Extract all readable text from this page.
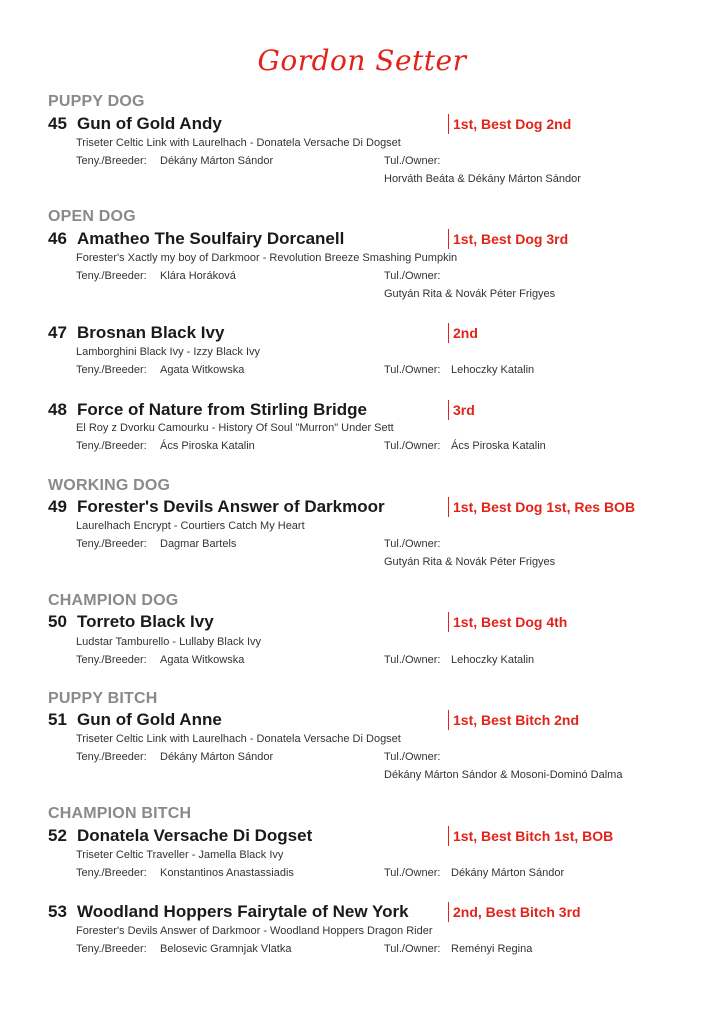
Gordon Setter
PUPPY DOG
45 Gun of Gold Andy	1st, Best Dog 2nd
Triseter Celtic Link with Laurelhach - Donatela Versache Di Dogset
Teny./Breeder: Dékány Márton Sándor	Tul./Owner:
Horváth Beáta & Dékány Márton Sándor
OPEN DOG
46 Amatheo The Soulfairy Dorcanell	1st, Best Dog 3rd
Forester's Xactly my boy of Darkmoor - Revolution Breeze Smashing Pumpkin
Teny./Breeder: Klára Horáková	Tul./Owner:
Gutyán Rita & Novák Péter Frigyes
47 Brosnan Black Ivy	2nd
Lamborghini Black Ivy - Izzy Black Ivy
Teny./Breeder: Agata Witkowska	Tul./Owner: Lehoczky Katalin
48 Force of Nature from Stirling Bridge	3rd
El Roy z Dvorku Camourku - History Of Soul "Murron" Under Sett
Teny./Breeder: Ács Piroska Katalin	Tul./Owner: Ács Piroska Katalin
WORKING DOG
49 Forester's Devils Answer of Darkmoor	1st, Best Dog 1st, Res BOB
Laurelhach Encrypt - Courtiers Catch My Heart
Teny./Breeder: Dagmar Bartels	Tul./Owner:
Gutyán Rita & Novák Péter Frigyes
CHAMPION DOG
50 Torreto Black Ivy	1st, Best Dog 4th
Ludstar Tamburello - Lullaby Black Ivy
Teny./Breeder: Agata Witkowska	Tul./Owner: Lehoczky Katalin
PUPPY BITCH
51 Gun of Gold Anne	1st, Best Bitch 2nd
Triseter Celtic Link with Laurelhach - Donatela Versache Di Dogset
Teny./Breeder: Dékány Márton Sándor	Tul./Owner:
Dékány Márton Sándor & Mosoni-Dominó Dalma
CHAMPION BITCH
52 Donatela Versache Di Dogset	1st, Best Bitch 1st, BOB
Triseter Celtic Traveller - Jamella Black Ivy
Teny./Breeder: Konstantinos Anastassiadis	Tul./Owner: Dékány Márton Sándor
53 Woodland Hoppers Fairytale of New York	2nd, Best Bitch 3rd
Forester's Devils Answer of Darkmoor - Woodland Hoppers Dragon Rider
Teny./Breeder: Belosevic Gramnjak Vlatka	Tul./Owner: Reményi Regina
